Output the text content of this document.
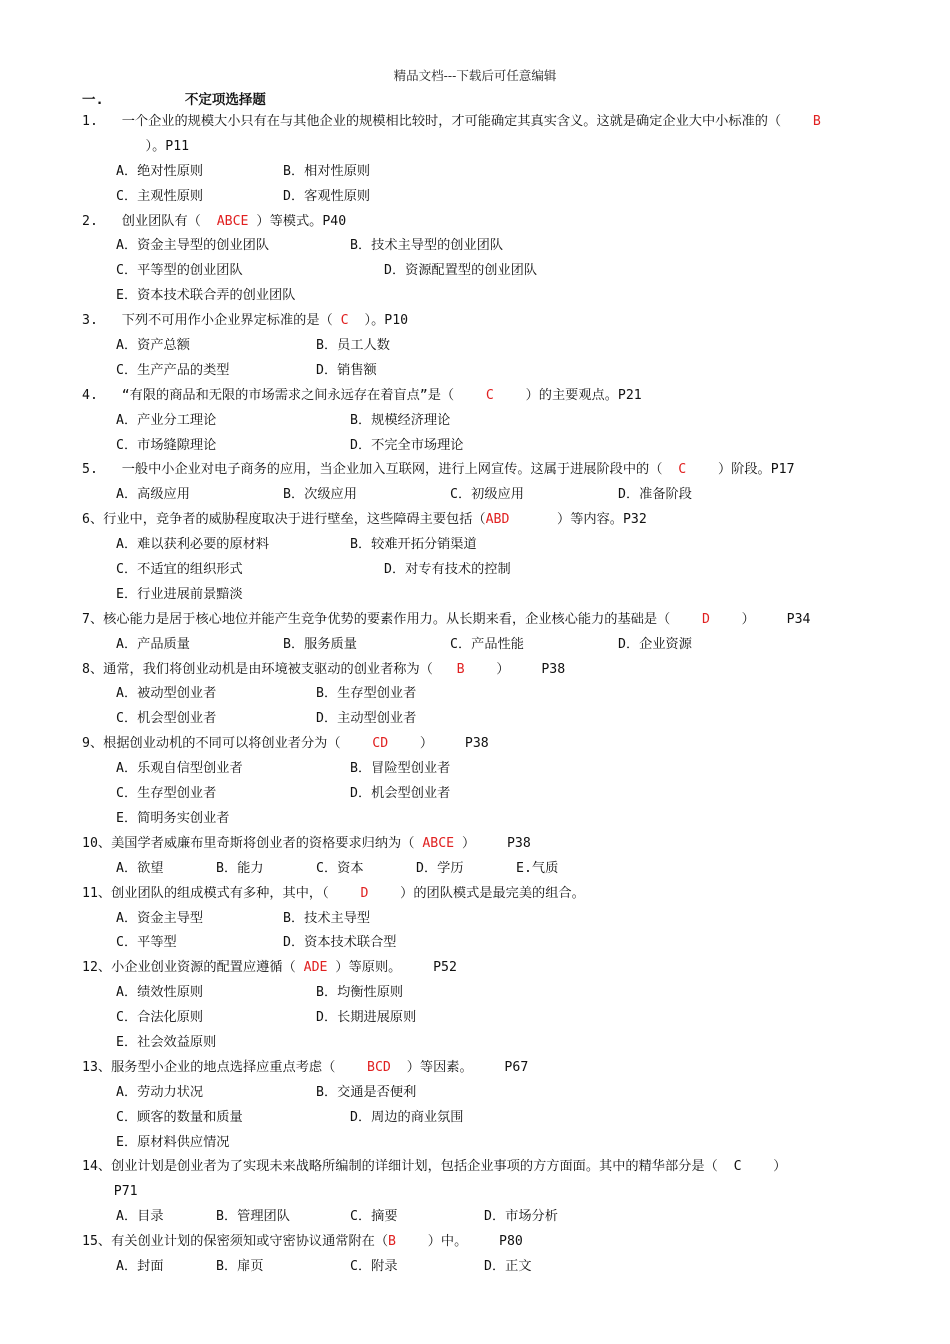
精品文档---下载后可任意编辑
一.	不定项选择题
1.   一个企业的规模大小只有在与其他企业的规模相比较时，才可能确定其真实含义。这就是确定企业大中小标准的（    B
）。P11
A．绝对性原则	B．相对性原则
C．主观性原则	D．客观性原则
2.   创业团队有（  ABCE ）等模式。P40
A．资金主导型的创业团队	B．技术主导型的创业团队
C．平等型的创业团队	D．资源配置型的创业团队
E．资本技术联合弄的创业团队
3.   下列不可用作小企业界定标准的是（ C  ）。P10
A．资产总额	B．员工人数
C．生产产品的类型	D．销售额
4.   “有限的商品和无限的市场需求之间永远存在着盲点”是（    C    ）的主要观点。P21
A．产业分工理论	B．规模经济理论
C．市场缝隙理论	D．不完全市场理论
5.   一般中小企业对电子商务的应用，当企业加入互联网，进行上网宣传。这属于进展阶段中的（  C    ）阶段。P17
A．高级应用	B．次级应用	C．初级应用	D．准备阶段
6、行业中，竞争者的威胁程度取决于进行壁垒，这些障碍主要包括（ABD      ）等内容。P32
A．难以获利必要的原材料	B．较难开拓分销渠道
C．不适宜的组织形式	D．对专有技术的控制
E．行业进展前景黯淡
7、核心能力是居于核心地位并能产生竞争优势的要素作用力。从长期来看，企业核心能力的基础是（    D    ）    P34
A．产品质量	B．服务质量	C．产品性能	D．企业资源
8、通常，我们将创业动机是由环境被支驱动的创业者称为（   B    ）    P38
A．被动型创业者	B．生存型创业者
C．机会型创业者	D．主动型创业者
9、根据创业动机的不同可以将创业者分为（    CD    ）    P38
A．乐观自信型创业者	B．冒险型创业者
C．生存型创业者	D．机会型创业者
E．简明务实创业者
10、美国学者威廉布里奇斯将创业者的资格要求归纳为（ ABCE ）    P38
A．欲望	B．能力	C．资本	D．学历	E.气质
11、创业团队的组成模式有多种，其中，（    D    ）的团队模式是最完美的组合。
A．资金主导型	B．技术主导型
C．平等型	D．资本技术联合型
12、小企业创业资源的配置应遵循（ ADE ）等原则。    P52
A．绩效性原则	B．均衡性原则
C．合法化原则	D．长期进展原则
E．社会效益原则
13、服务型小企业的地点选择应重点考虑（    BCD  ）等因素。    P67
A．劳动力状况	B．交通是否便利
C．顾客的数量和质量	D．周边的商业氛围
E．原材料供应情况
14、创业计划是创业者为了实现未来战略所编制的详细计划，包括企业事项的方方面面。其中的精华部分是（  C    ）
P71
A．目录	B．管理团队	C．摘要	D．市场分析
15、有关创业计划的保密须知或守密协议通常附在（B    ）中。    P80
A．封面	B．扉页	C．附录	D．正文
